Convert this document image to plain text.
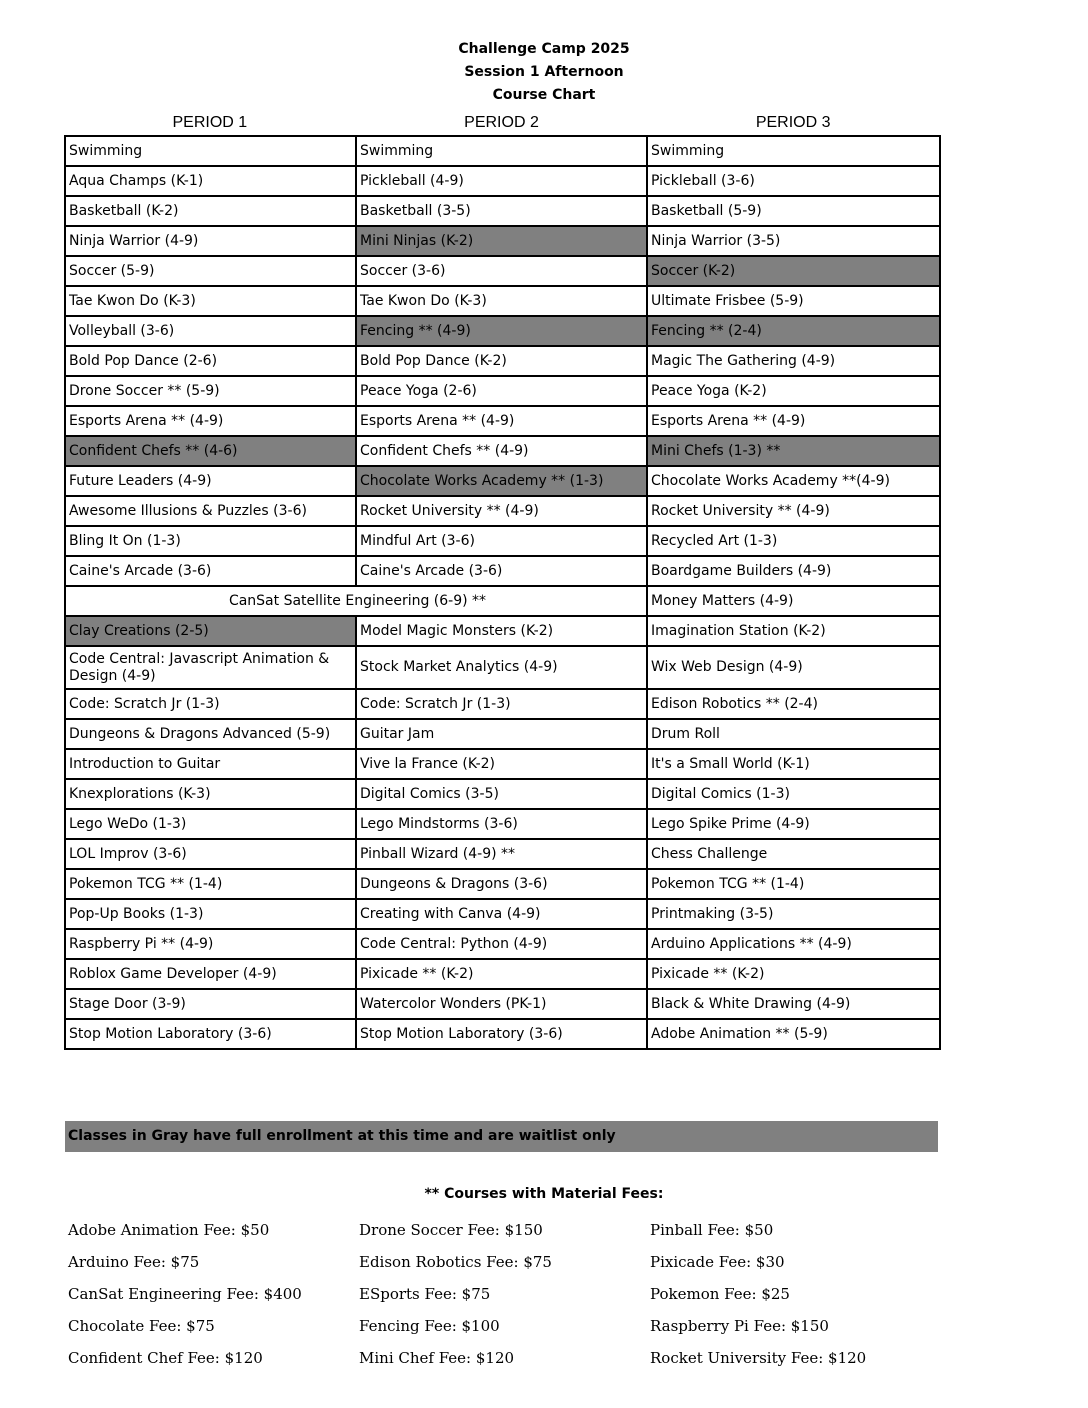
Challenge Camp 2025
Session 1 Afternoon
Course Chart
PERIOD 1	PERIOD 2	PERIOD 3
Swimming	Swimming	Swimming
Aqua Champs (K-1)	Pickleball (4-9)	Pickleball (3-6)
Basketball (K-2)	Basketball (3-5)	Basketball (5-9)
Ninja Warrior (4-9)	Mini Ninjas (K-2)	Ninja Warrior (3-5)
Soccer (5-9)	Soccer (3-6)	Soccer (K-2)
Tae Kwon Do (K-3)	Tae Kwon Do (K-3)	Ultimate Frisbee (5-9)
Volleyball (3-6)	Fencing ** (4-9)	Fencing ** (2-4)
Bold Pop Dance (2-6)	Bold Pop Dance (K-2)	Magic The Gathering (4-9)
Drone Soccer ** (5-9)	Peace Yoga (2-6)	Peace Yoga (K-2)
Esports Arena ** (4-9)	Esports Arena ** (4-9)	Esports Arena ** (4-9)
Confident Chefs ** (4-6)	Confident Chefs ** (4-9)	Mini Chefs (1-3) **
Future Leaders (4-9)	Chocolate Works Academy ** (1-3)	Chocolate Works Academy **(4-9)
Awesome Illusions & Puzzles (3-6)	Rocket University ** (4-9)	Rocket University ** (4-9)
Bling It On (1-3)	Mindful Art (3-6)	Recycled Art (1-3)
Caine's Arcade (3-6)	Caine's Arcade (3-6)	Boardgame Builders (4-9)
CanSat Satellite Engineering (6-9) **		Money Matters (4-9)
Clay Creations (2-5)	Model Magic Monsters (K-2)	Imagination Station (K-2)
Code Central: Javascript Animation & Design (4-9)	Stock Market Analytics (4-9)	Wix Web Design (4-9)
Code: Scratch Jr (1-3)	Code: Scratch Jr (1-3)	Edison Robotics ** (2-4)
Dungeons & Dragons Advanced (5-9)	Guitar Jam	Drum Roll
Introduction to Guitar	Vive la France (K-2)	It's a Small World (K-1)
Knexplorations (K-3)	Digital Comics (3-5)	Digital Comics (1-3)
Lego WeDo (1-3)	Lego Mindstorms (3-6)	Lego Spike Prime (4-9)
LOL Improv (3-6)	Pinball Wizard (4-9) **	Chess Challenge
Pokemon TCG ** (1-4)	Dungeons & Dragons (3-6)	Pokemon TCG ** (1-4)
Pop-Up Books (1-3)	Creating with Canva (4-9)	Printmaking (3-5)
Raspberry Pi ** (4-9)	Code Central: Python (4-9)	Arduino Applications ** (4-9)
Roblox Game Developer (4-9)	Pixicade ** (K-2)	Pixicade ** (K-2)
Stage Door (3-9)	Watercolor Wonders (PK-1)	Black & White Drawing (4-9)
Stop Motion Laboratory (3-6)	Stop Motion Laboratory (3-6)	Adobe Animation ** (5-9)
Classes in Gray have full enrollment at this time and are waitlist only
** Courses with Material Fees:
Adobe Animation Fee: $50
Arduino Fee: $75
CanSat Engineering Fee: $400
Chocolate Fee: $75
Confident Chef Fee: $120
Drone Soccer Fee: $150
Edison Robotics Fee: $75
ESports Fee: $75
Fencing Fee: $100
Mini Chef Fee: $120
Pinball Fee: $50
Pixicade Fee: $30
Pokemon Fee: $25
Raspberry Pi Fee: $150
Rocket University Fee: $120
